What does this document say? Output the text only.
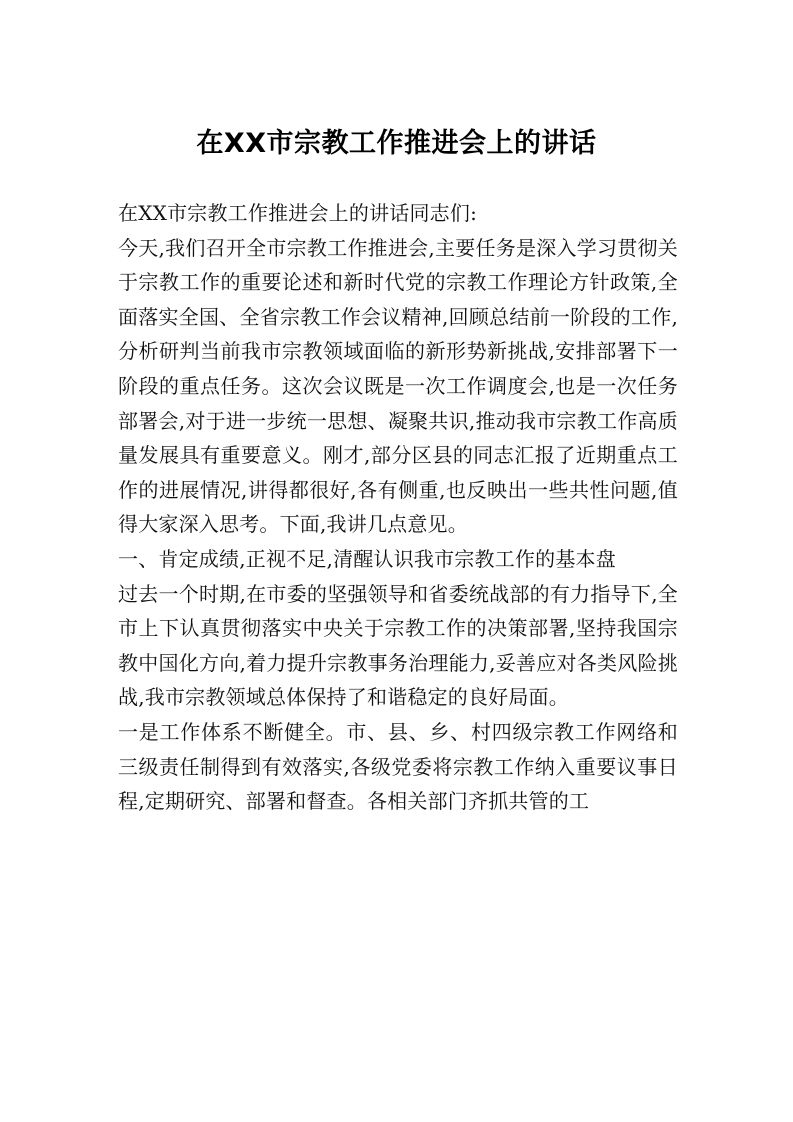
在XX市宗教工作推进会上的讲话

在XX市宗教工作推进会上的讲话同志们:

今天,我们召开全市宗教工作推进会,主要任务是深入学习贯彻关于宗教工作的重要论述和新时代党的宗教工作理论方针政策,全面落实全国、全省宗教工作会议精神,回顾总结前一阶段的工作,分析研判当前我市宗教领域面临的新形势新挑战,安排部署下一阶段的重点任务。这次会议既是一次工作调度会,也是一次任务部署会,对于进一步统一思想、凝聚共识,推动我市宗教工作高质量发展具有重要意义。刚才,部分区县的同志汇报了近期重点工作的进展情况,讲得都很好,各有侧重,也反映出一些共性问题,值得大家深入思考。下面,我讲几点意见。

一、肯定成绩,正视不足,清醒认识我市宗教工作的基本盘

过去一个时期,在市委的坚强领导和省委统战部的有力指导下,全市上下认真贯彻落实中央关于宗教工作的决策部署,坚持我国宗教中国化方向,着力提升宗教事务治理能力,妥善应对各类风险挑战,我市宗教领域总体保持了和谐稳定的良好局面。

一是工作体系不断健全。市、县、乡、村四级宗教工作网络和三级责任制得到有效落实,各级党委将宗教工作纳入重要议事日程,定期研究、部署和督查。各相关部门齐抓共管的工
